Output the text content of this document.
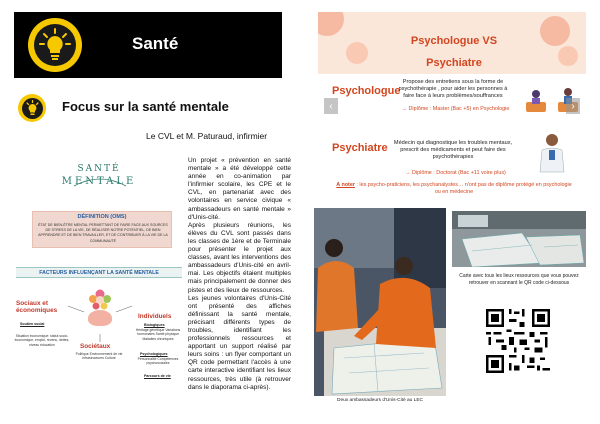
Santé
Focus sur la santé mentale
Le CVL et M. Paturaud, infirmier
SANTÉ
MENTALE
DÉFINITION (OMS)
ÉTAT DE BIEN-ÊTRE MENTAL PERMETTANT DE FAIRE FACE AUX SOURCES DE STRESS DE LA VIE, DE RÉALISER NOTRE POTENTIEL, DE BIEN APPRENDRE ET DE BIEN TRAVAILLER, ET DE CONTRIBUER À LA VIE DE LA COMMUNAUTÉ
FACTEURS INFLUENÇANT LA SANTÉ MENTALE
Sociaux et économiques
Soutien social
Situation économique: statut socio-économique, emploi, revenu, dettes, niveau éducation	Sociétaux
Politique Environnement de vie Infrastructures Culture
Individuels
Biologiques
Héritage génétique Variations hormonales Santé physique Maladies chroniques
Psychologiques
Personnalité Compétences psychosociales
Parcours de vie

Un projet « prévention en santé mentale » a été développé cette année en co-animation par l'infirmier scolaire, les CPE et le CVL, en partenariat avec des volontaires en service civique « ambassadeurs en santé mentale » d'Unis-cité.

Après plusieurs réunions, les élèves du CVL sont passés dans les classes de 1ère et de Terminale pour présenter le projet aux classes, avant les interventions des ambassadeurs d'Unis-cité en avril-mai. Les objectifs étaient multiples mais principalement de donner des pistes et des lieux de ressources.

Les jeunes volontaires d'Unis-Cité ont présenté des affiches définissant la santé mentale, précisant différents types de troubles, identifiant les professionnels ressources et apportant un support réalisé par leurs soins : un flyer comportant un QR code permettant l'accès à une carte interactive identifiant les lieux ressources, très utile (à retrouver dans le diaporama ci-après).

Psychologue VS Psychiatre
Psychologue
Propose des entretiens sous la forme de psychothérapie , pour aider les personnes à faire face à leurs problèmes/souffrances
→ Diplôme : Master (Bac +5) en Psychologie
Psychiatre Médecin qui diagnostique les troubles mentaux, prescrit des médicaments et peut faire des psychothérapies
→ Diplôme : Doctorat (Bac +11 voire plus)
A noter : les psycho-praticiens, les psychanalystes… n'ont pas de diplôme protégé en psychologie ou en médecine
‹	›
Deux ambassadeurs d'Unis-Cité au LEC
Carte avec tous les lieux ressources que vous pouvez retrouver en scannant le QR code ci-dessous
